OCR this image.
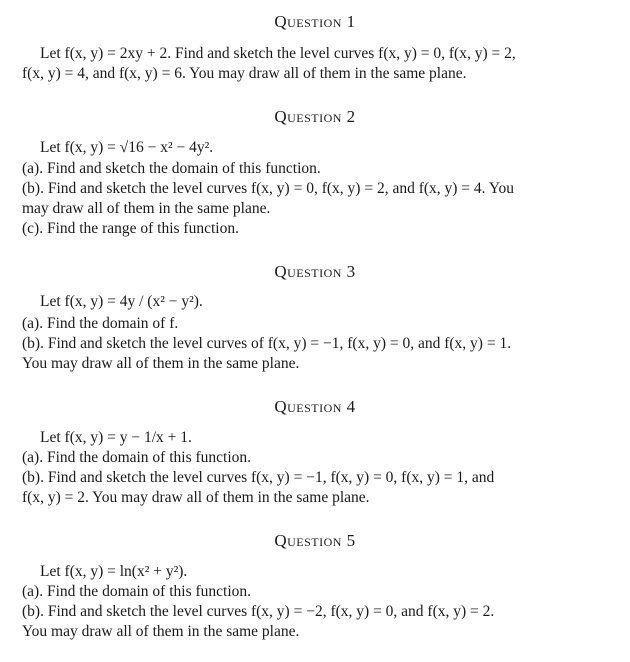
Question 1
Let f(x, y) = 2xy + 2. Find and sketch the level curves f(x, y) = 0, f(x, y) = 2,
f(x, y) = 4, and f(x, y) = 6. You may draw all of them in the same plane.
Question 2
Let f(x, y) = √16 − x² − 4y².
(a). Find and sketch the domain of this function.
(b). Find and sketch the level curves f(x, y) = 0, f(x, y) = 2, and f(x, y) = 4. You
may draw all of them in the same plane.
(c). Find the range of this function.
Question 3
Let f(x, y) = 4y / (x² − y²).
(a). Find the domain of f.
(b). Find and sketch the level curves of f(x, y) = −1, f(x, y) = 0, and f(x, y) = 1.
You may draw all of them in the same plane.
Question 4
Let f(x, y) = y − 1/x + 1.
(a). Find the domain of this function.
(b). Find and sketch the level curves f(x, y) = −1, f(x, y) = 0, f(x, y) = 1, and
f(x, y) = 2. You may draw all of them in the same plane.
Question 5
Let f(x, y) = ln(x² + y²).
(a). Find the domain of this function.
(b). Find and sketch the level curves f(x, y) = −2, f(x, y) = 0, and f(x, y) = 2.
You may draw all of them in the same plane.
